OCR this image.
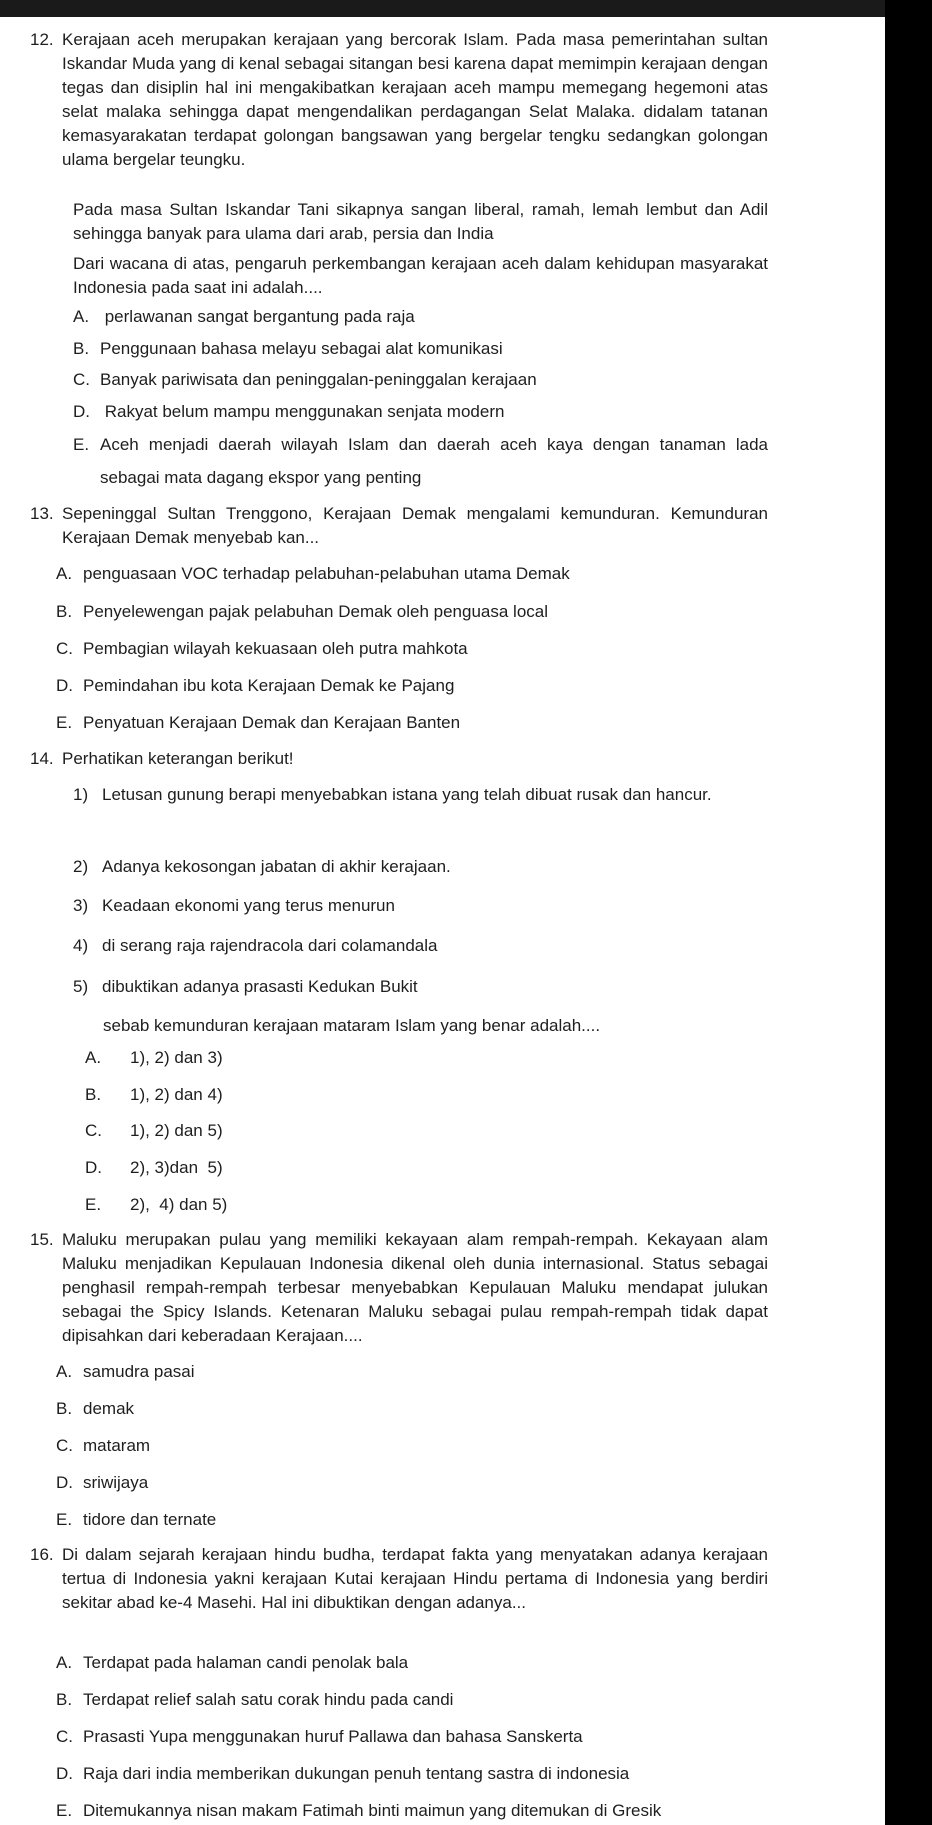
12. Kerajaan aceh merupakan kerajaan yang bercorak Islam. Pada masa pemerintahan sultan Iskandar Muda yang di kenal sebagai sitangan besi karena dapat memimpin kerajaan dengan tegas dan disiplin hal ini mengakibatkan kerajaan aceh mampu memegang hegemoni atas selat malaka sehingga dapat mengendalikan perdagangan Selat Malaka. didalam tatanan kemasyarakatan terdapat golongan bangsawan yang bergelar tengku sedangkan golongan ulama bergelar teungku.
Pada masa Sultan Iskandar Tani sikapnya sangan liberal, ramah, lemah lembut dan Adil sehingga banyak para ulama dari arab, persia dan India
Dari wacana di atas, pengaruh perkembangan kerajaan aceh dalam kehidupan masyarakat Indonesia pada saat ini adalah....
A. perlawanan sangat bergantung pada raja
B. Penggunaan bahasa melayu sebagai alat komunikasi
C. Banyak pariwisata dan peninggalan-peninggalan kerajaan
D. Rakyat belum mampu menggunakan senjata modern
E. Aceh menjadi daerah wilayah Islam dan daerah aceh kaya dengan tanaman lada sebagai mata dagang ekspor yang penting
13. Sepeninggal Sultan Trenggono, Kerajaan Demak mengalami kemunduran. Kemunduran Kerajaan Demak menyebab kan...
A. penguasaan VOC terhadap pelabuhan-pelabuhan utama Demak
B. Penyelewengan pajak pelabuhan Demak oleh penguasa local
C. Pembagian wilayah kekuasaan oleh putra mahkota
D. Pemindahan ibu kota Kerajaan Demak ke Pajang
E. Penyatuan Kerajaan Demak dan Kerajaan Banten
14. Perhatikan keterangan berikut!
1) Letusan gunung berapi menyebabkan istana yang telah dibuat rusak dan hancur.
2) Adanya kekosongan jabatan di akhir kerajaan.
3) Keadaan ekonomi yang terus menurun
4) di serang raja rajendracola dari colamandala
5) dibuktikan adanya prasasti Kedukan Bukit
sebab kemunduran kerajaan mataram Islam yang benar adalah....
A. 1), 2) dan 3)
B. 1), 2) dan 4)
C. 1), 2) dan 5)
D. 2), 3)dan  5)
E. 2),  4) dan 5)
15. Maluku merupakan pulau yang memiliki kekayaan alam rempah-rempah. Kekayaan alam Maluku menjadikan Kepulauan Indonesia dikenal oleh dunia internasional. Status sebagai penghasil rempah-rempah terbesar menyebabkan Kepulauan Maluku mendapat julukan sebagai the Spicy Islands. Ketenaran Maluku sebagai pulau rempah-rempah tidak dapat dipisahkan dari keberadaan Kerajaan....
A. samudra pasai
B. demak
C. mataram
D. sriwijaya
E. tidore dan ternate
16. Di dalam sejarah kerajaan hindu budha, terdapat fakta yang menyatakan adanya kerajaan tertua di Indonesia yakni kerajaan Kutai kerajaan Hindu pertama di Indonesia yang berdiri sekitar abad ke-4 Masehi. Hal ini dibuktikan dengan adanya...
A. Terdapat pada halaman candi penolak bala
B. Terdapat relief salah satu corak hindu pada candi
C. Prasasti Yupa menggunakan huruf Pallawa dan bahasa Sanskerta
D. Raja dari india memberikan dukungan penuh tentang sastra di indonesia
E. Ditemukannya nisan makam Fatimah binti maimun yang ditemukan di Gresik
